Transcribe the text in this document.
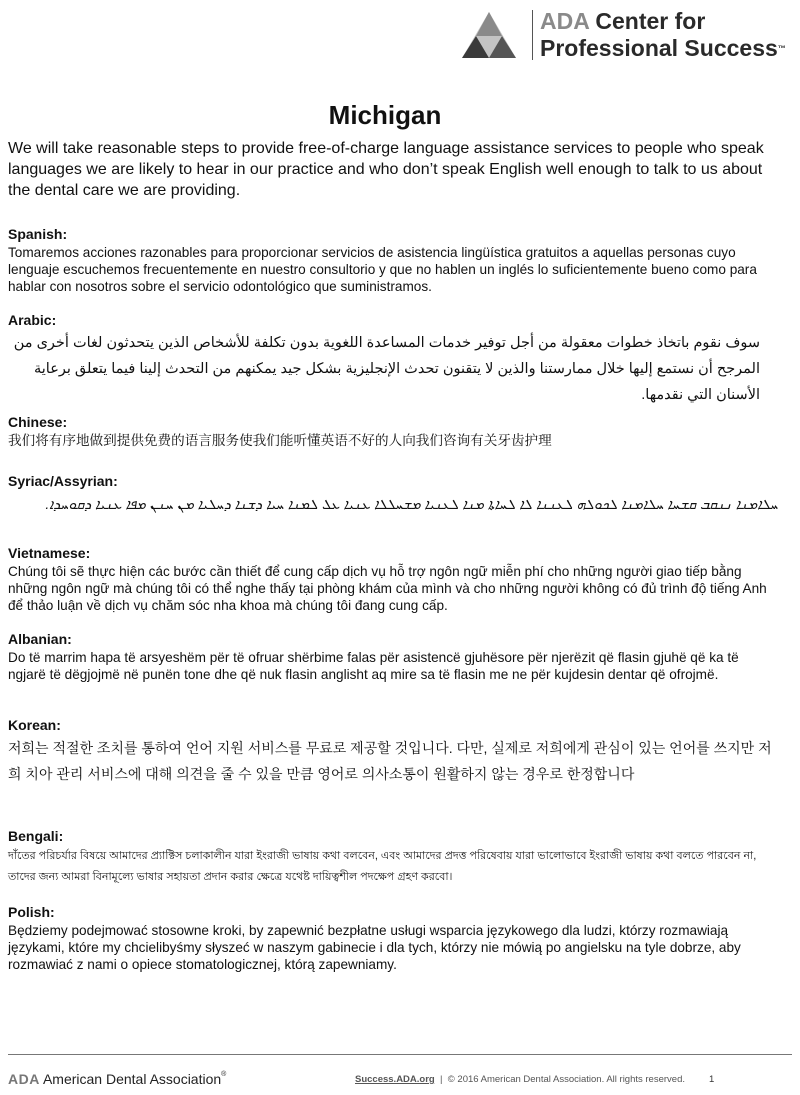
ADA Center for
Professional Success™
Michigan

We will take reasonable steps to provide free-of-charge language assistance services to people who speak languages we are likely to hear in our practice and who don’t speak English well enough to talk to us about the dental care we are providing.

Spanish:

Tomaremos acciones razonables para proporcionar servicios de asistencia lingüística gratuitos a aquellas personas cuyo lenguaje escuchemos frecuentemente en nuestro consultorio y que no hablen un inglés lo suficientemente bueno como para hablar con nosotros sobre el servicio odontológico que suministramos.

Arabic:

سوف نقوم باتخاذ خطوات معقولة من أجل توفير خدمات المساعدة اللغوية بدون تكلفة للأشخاص الذين يتحدثون لغات أخرى من المرجح أن نستمع إليها خلال ممارستنا والذين لا يتقنون تحدث الإنجليزية بشكل جيد يمكنهم من التحدث إلينا فيما يتعلق برعاية الأسنان التي نقدمها.

Chinese:

我们将有序地做到提供免费的语言服务使我们能听懂英语不好的人向我们咨询有关牙齿护理

Syriac/Assyrian:

ܚܠܐܡܢܐ ܢܢܩܒ ܩܫܚܐ ܚܠܐܡܢܐ ܠܟܘܠܗ ܠܥܢܢܐ ܠܐ ܠܚܐܬܐ ܡܢܐ ܠܥܢܝܐ ܡܫܚܠܠܐ ܥܢܝܐ ܥܠ ܠܡܢܐ ܚܝܐ ܕܫܢܐ ܕܚܠܝܐ ܡܢ ܚܢܢ ܡܦܐ ܥܢܝܐ ܕܩܘܚܕܐ.

Vietnamese:

Chúng tôi sẽ thực hiện các bước cần thiết để cung cấp dịch vụ hỗ trợ ngôn ngữ miễn phí cho những người giao tiếp bằng những ngôn ngữ mà chúng tôi có thể nghe thấy tại phòng khám của mình và cho những người không có đủ trình độ tiếng Anh để thảo luận về dịch vụ chăm sóc nha khoa mà chúng tôi đang cung cấp.

Albanian:

Do të marrim hapa të arsyeshëm për të ofruar shërbime falas për asistencë gjuhësore për njerëzit që flasin gjuhë që ka të ngjarë të dëgjojmë në punën tone dhe që nuk flasin anglisht aq mire sa të flasin me ne për kujdesin dentar që ofrojmë.

Korean:

저희는 적절한 조치를 통하여 언어 지원 서비스를 무료로 제공할 것입니다. 다만, 실제로 저희에게 관심이 있는 언어를 쓰지만 저희 치아 관리 서비스에 대해 의견을 줄 수 있을 만큼 영어로 의사소통이 원활하지 않는 경우로 한정합니다

Bengali:

দাঁতের পরিচর্যার বিষয়ে আমাদের প্র্যাক্টিস চলাকালীন যারা ইংরাজী ভাষায় কথা বলবেন, এবং আমাদের প্রদত্ত পরিষেবায় যারা ভালোভাবে ইংরাজী ভাষায় কথা বলতে পারবেন না, তাদের জন্য আমরা বিনামূল্যে ভাষার সহায়তা প্রদান করার ক্ষেত্রে যথেষ্ট দায়িত্বশীল পদক্ষেপ গ্রহণ করবো।

Polish:

Będziemy podejmować stosowne kroki, by zapewnić bezpłatne usługi wsparcia językowego dla ludzi, którzy rozmawiają językami, które my chcielibyśmy słyszeć w naszym gabinecie i dla tych, którzy nie mówią po angielsku na tyle dobrze, aby rozmawiać z nami o opiece stomatologicznej, którą zapewniamy.

ADA American Dental Association®	Success.ADA.org  |  © 2016 American Dental Association. All rights reserved.	1
